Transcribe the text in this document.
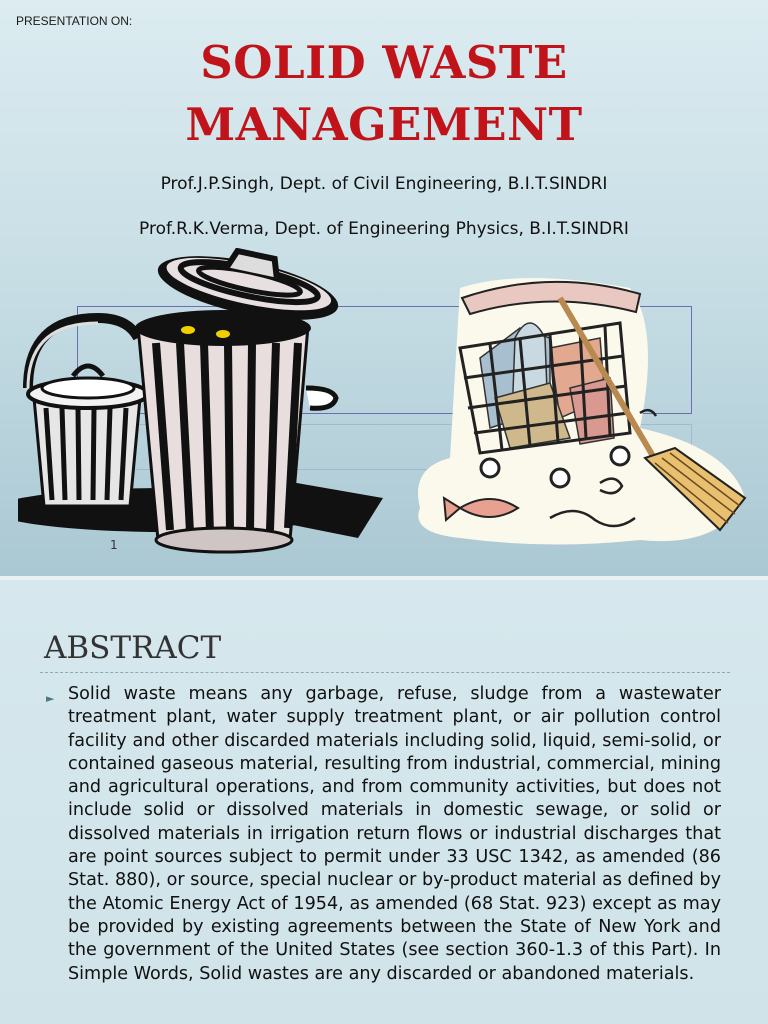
PRESENTATION ON:
SOLID WASTE
MANAGEMENT
Prof.J.P.Singh, Dept. of Civil Engineering, B.I.T.SINDRI
Prof.R.K.Verma, Dept. of Engineering Physics, B.I.T.SINDRI
1
ABSTRACT
► Solid waste means any garbage, refuse, sludge from a wastewater treatment plant, water supply treatment plant, or air pollution control facility and other discarded materials including solid, liquid, semi-solid, or contained gaseous material, resulting from industrial, commercial, mining and agricultural operations, and from community activities, but does not include solid or dissolved materials in domestic sewage, or solid or dissolved materials in irrigation return flows or industrial discharges that are point sources subject to permit under 33 USC 1342, as amended (86 Stat. 880), or source, special nuclear or by-product material as defined by the Atomic Energy Act of 1954, as amended (68 Stat. 923) except as may be provided by existing agreements between the State of New York and the government of the United States (see section 360-1.3 of this Part). In Simple Words, Solid wastes are any discarded or abandoned materials.
